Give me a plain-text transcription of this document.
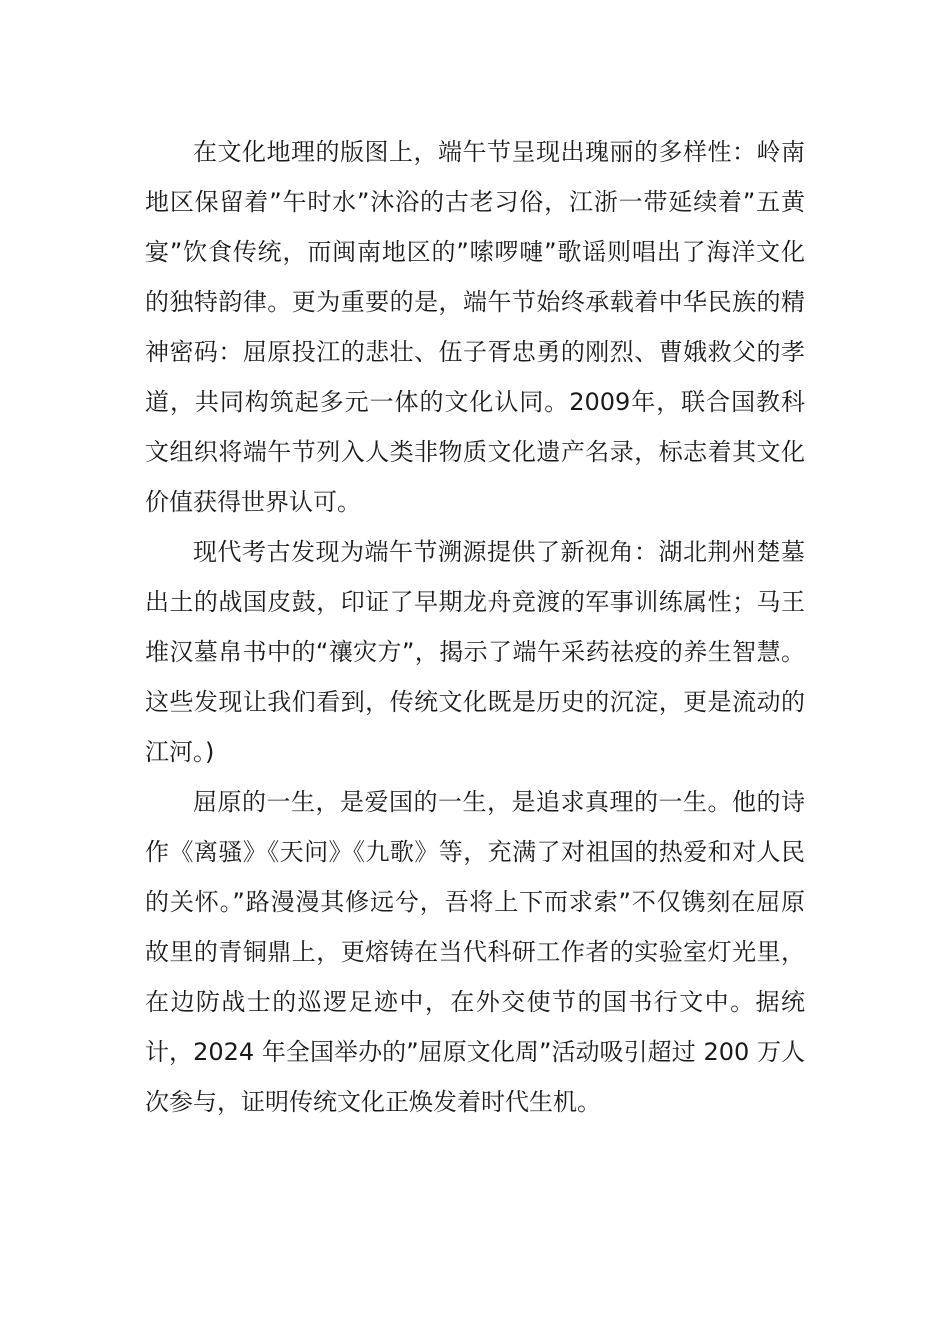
在文化地理的版图上，端午节呈现出瑰丽的多样性：岭南地区保留着”午时水”沐浴的古老习俗，江浙一带延续着”五黄宴”饮食传统，而闽南地区的”嗦啰嗹”歌谣则唱出了海洋文化的独特韵律。更为重要的是，端午节始终承载着中华民族的精神密码：屈原投江的悲壮、伍子胥忠勇的刚烈、曹娥救父的孝道，共同构筑起多元一体的文化认同。2009年，联合国教科文组织将端午节列入人类非物质文化遗产名录，标志着其文化价值获得世界认可。

现代考古发现为端午节溯源提供了新视角：湖北荆州楚墓出土的战国皮鼓，印证了早期龙舟竞渡的军事训练属性；马王堆汉墓帛书中的“禳灾方”，揭示了端午采药祛疫的养生智慧。这些发现让我们看到，传统文化既是历史的沉淀，更是流动的江河。)

屈原的一生，是爱国的一生，是追求真理的一生。他的诗作《离骚》《天问》《九歌》等，充满了对祖国的热爱和对人民的关怀。”路漫漫其修远兮，吾将上下而求索”不仅镌刻在屈原故里的青铜鼎上，更熔铸在当代科研工作者的实验室灯光里，在边防战士的巡逻足迹中，在外交使节的国书行文中。据统计，2024 年全国举办的”屈原文化周”活动吸引超过 200 万人次参与，证明传统文化正焕发着时代生机。
